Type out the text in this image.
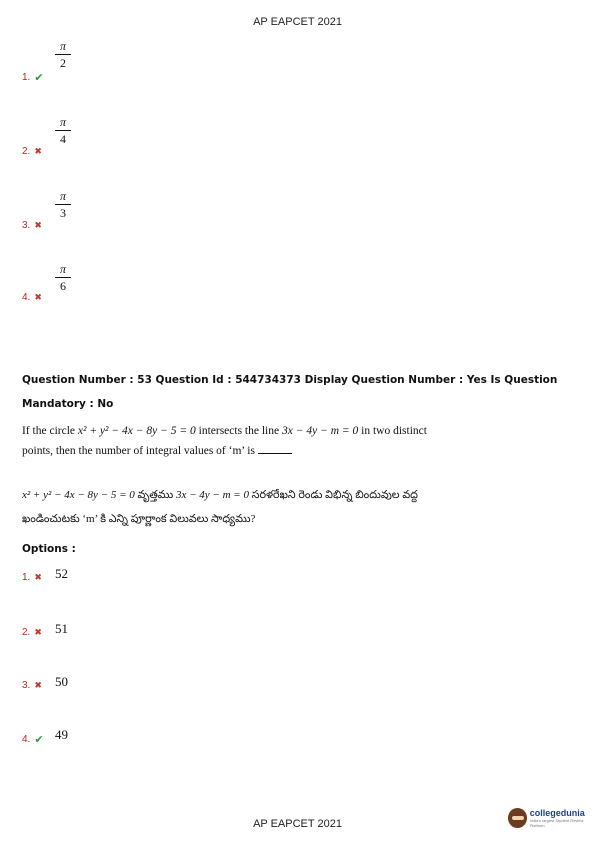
AP EAPCET 2021
π
2
1. ✔
π
4
2. ✖
π
3
3. ✖
π
6
4. ✖
Question Number : 53 Question Id : 544734373 Display Question Number : Yes Is Question
Mandatory : No
If the circle x² + y² − 4x − 8y − 5 = 0 intersects the line 3x − 4y − m = 0 in two distinct
points, then the number of integral values of ‘m’ is
x² + y² − 4x − 8y − 5 = 0 వృత్తము 3x − 4y − m = 0 సరళరేఖని రెండు విభిన్న బిందువుల వద్ద
ఖండించుటకు ‘m’ కి ఎన్ని పూర్ణాంక విలువలు సాధ్యము?
Options :
52
1. ✖
51
2. ✖
50
3. ✖
49
4. ✔
AP EAPCET 2021
collegedunia
India's largest Student Review Platform
